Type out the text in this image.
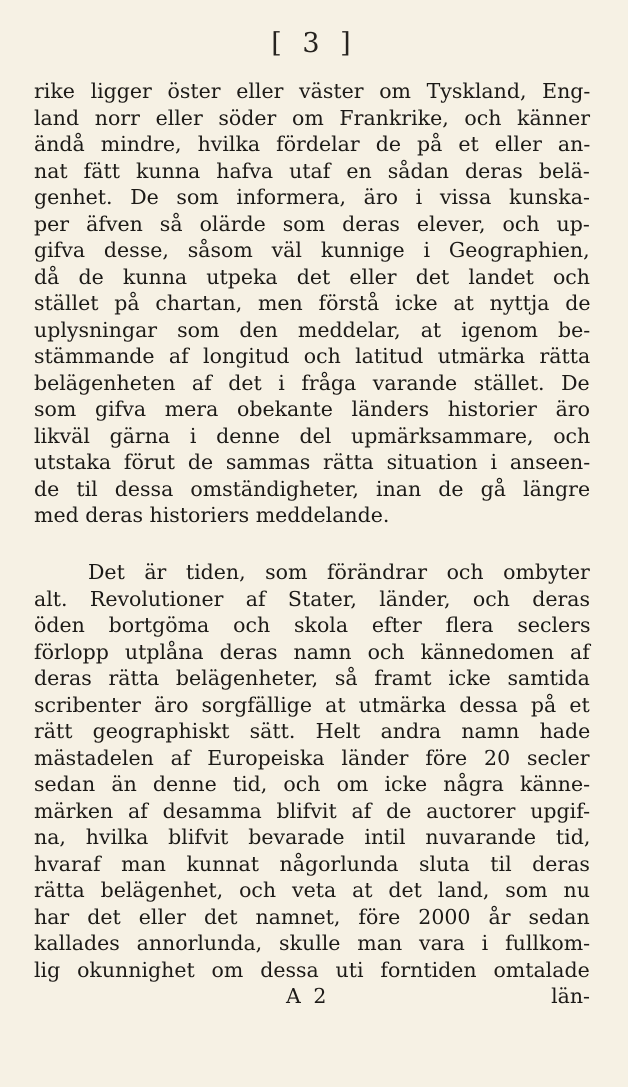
[ 3 ]
rike ligger öster eller väster om Tyskland, Eng-
land norr eller söder om Frankrike, och känner
ändå mindre, hvilka fördelar de på et eller an-
nat fätt kunna hafva utaf en sådan deras belä-
genhet. De som informera, äro i vissa kunska-
per äfven så olärde som deras elever, och up-
gifva desse, såsom väl kunnige i Geographien,
då de kunna utpeka det eller det landet och
stället på chartan, men förstå icke at nyttja de
uplysningar som den meddelar, at igenom be-
stämmande af longitud och latitud utmärka rätta
belägenheten af det i fråga varande stället. De
som gifva mera obekante länders historier äro
likväl gärna i denne del upmärksammare, och
utstaka förut de sammas rätta situation i anseen-
de til dessa omständigheter, inan de gå längre
med deras historiers meddelande.
Det är tiden, som förändrar och ombyter
alt. Revolutioner af Stater, länder, och deras
öden bortgöma och skola efter flera seclers
förlopp utplåna deras namn och kännedomen af
deras rätta belägenheter, så framt icke samtida
scribenter äro sorgfällige at utmärka dessa på et
rätt geographiskt sätt. Helt andra namn hade
mästadelen af Europeiska länder före 20 secler
sedan än denne tid, och om icke några känne-
märken af desamma blifvit af de auctorer upgif-
na, hvilka blifvit bevarade intil nuvarande tid,
hvaraf man kunnat någorlunda sluta til deras
rätta belägenhet, och veta at det land, som nu
har det eller det namnet, före 2000 år sedan
kallades annorlunda, skulle man vara i fullkom-
lig okunnighet om dessa uti forntiden omtalade
A 2	län-
